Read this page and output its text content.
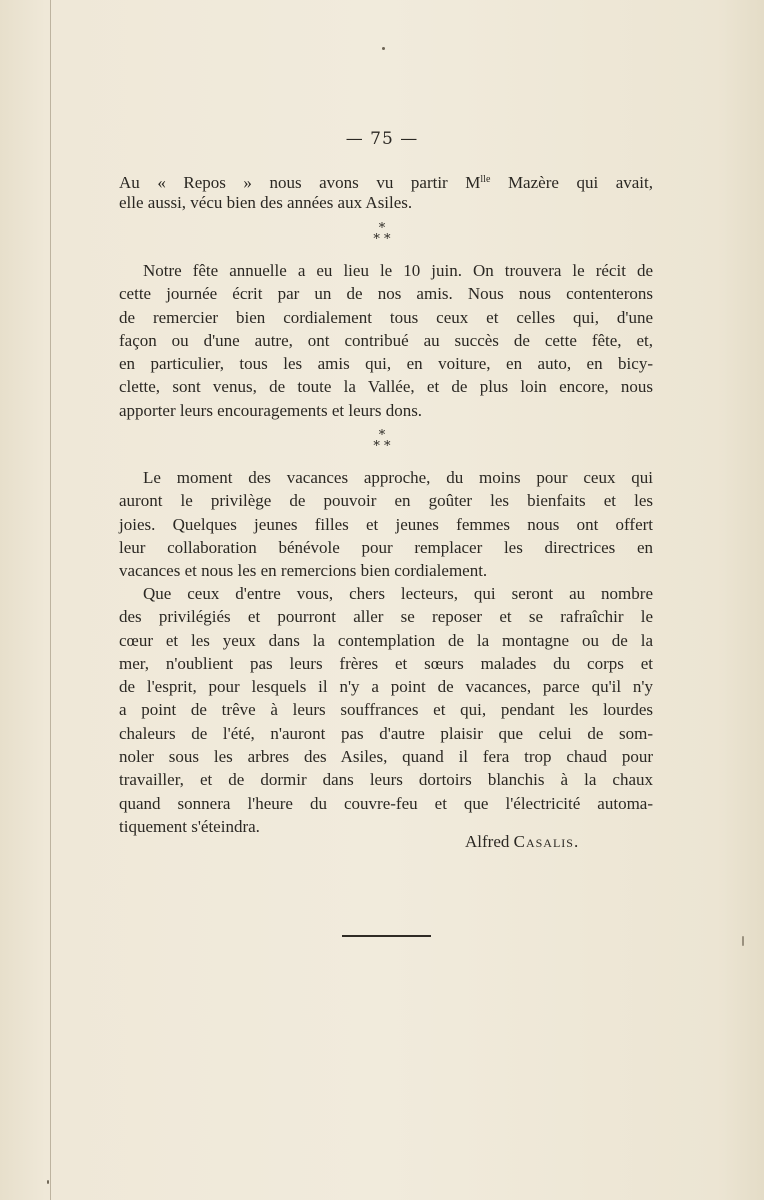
— 75 —
Au « Repos » nous avons vu partir $M^{lle}$ Mazère qui avait,
elle aussi, vécu bien des années aux Asiles.
*
* *
Notre fête annuelle a eu lieu le 10 juin. On trouvera le récit de
cette journée écrit par un de nos amis. Nous nous contenterons
de remercier bien cordialement tous ceux et celles qui, d'une
façon ou d'une autre, ont contribué au succès de cette fête, et,
en particulier, tous les amis qui, en voiture, en auto, en bicy-
clette, sont venus, de toute la Vallée, et de plus loin encore, nous
apporter leurs encouragements et leurs dons.
*
* *
Le moment des vacances approche, du moins pour ceux qui
auront le privilège de pouvoir en goûter les bienfaits et les
joies. Quelques jeunes filles et jeunes femmes nous ont offert
leur collaboration bénévole pour remplacer les directrices en
vacances et nous les en remercions bien cordialement.
Que ceux d'entre vous, chers lecteurs, qui seront au nombre
des privilégiés et pourront aller se reposer et se rafraîchir le
cœur et les yeux dans la contemplation de la montagne ou de la
mer, n'oublient pas leurs frères et sœurs malades du corps et
de l'esprit, pour lesquels il n'y a point de vacances, parce qu'il n'y
a point de trêve à leurs souffrances et qui, pendant les lourdes
chaleurs de l'été, n'auront pas d'autre plaisir que celui de som-
noler sous les arbres des Asiles, quand il fera trop chaud pour
travailler, et de dormir dans leurs dortoirs blanchis à la chaux
quand sonnera l'heure du couvre-feu et que l'électricité automa-
tiquement s'éteindra.
Alfred Casalis.
